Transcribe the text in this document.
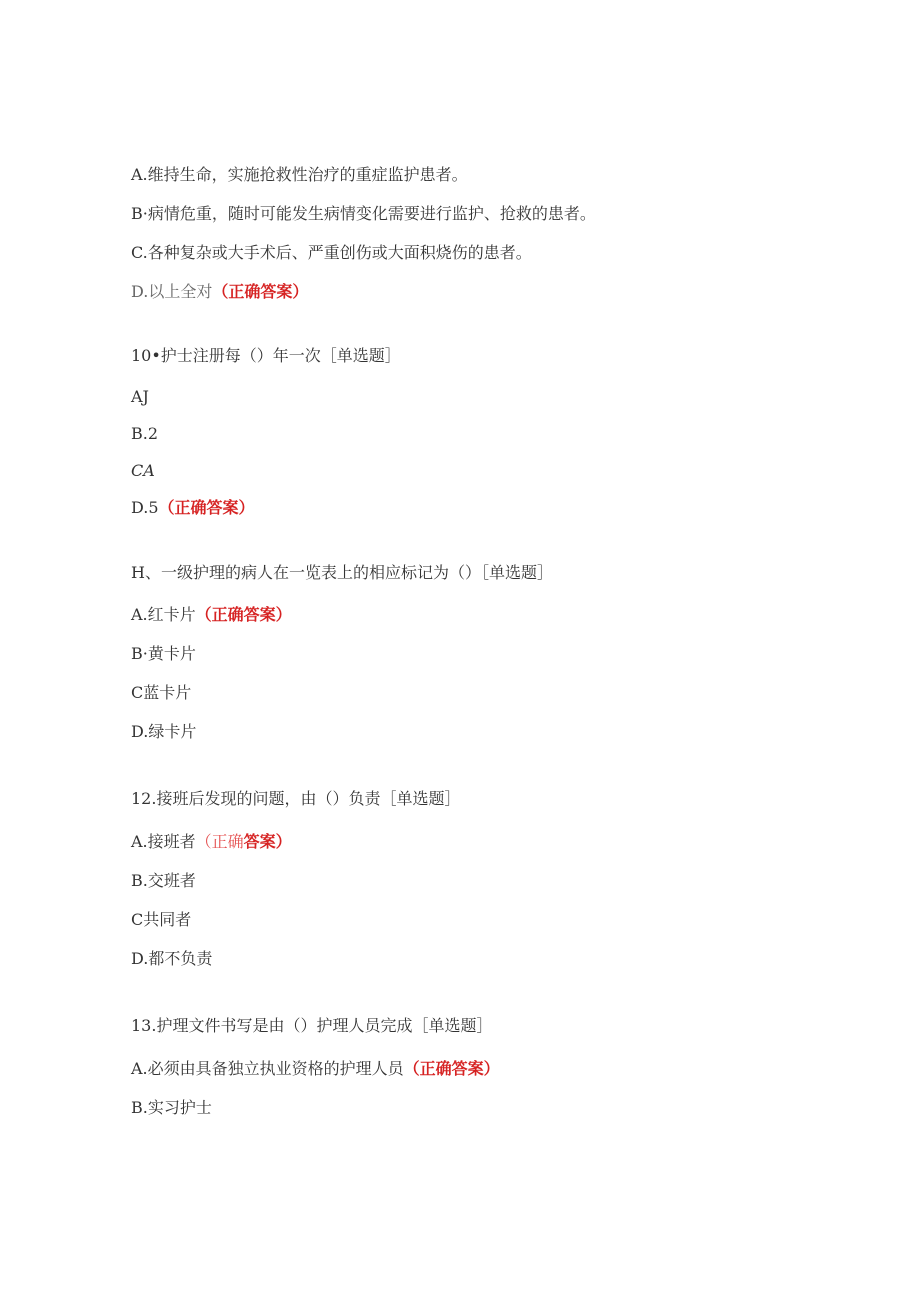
A.维持生命，实施抢救性治疗的重症监护患者。
B·病情危重，随时可能发生病情变化需要进行监护、抢救的患者。
C.各种复杂或大手术后、严重创伤或大面积烧伤的患者。
D.以上全对（正确答案）
10•护士注册每（）年一次［单选题］
AJ
B.2
CA
D.5（正确答案）
H、一级护理的病人在一览表上的相应标记为（）［单选题］
A.红卡片（正确答案）
B·黄卡片
C蓝卡片
D.绿卡片
12.接班后发现的问题，由（）负责［单选题］
A.接班者（正确答案）
B.交班者
C共同者
D.都不负责
13.护理文件书写是由（）护理人员完成［单选题］
A.必须由具备独立执业资格的护理人员（正确答案）
B.实习护士
